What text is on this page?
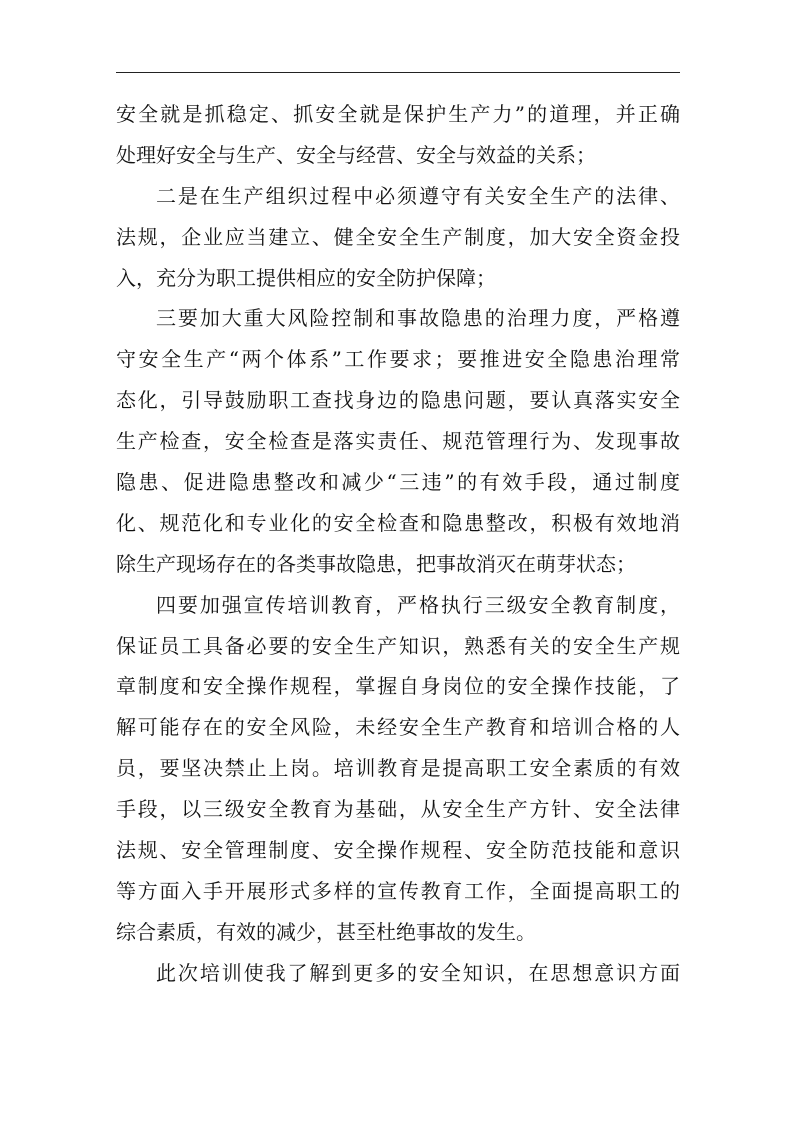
安全就是抓稳定、抓安全就是保护生产力”的道理，并正确
处理好安全与生产、安全与经营、安全与效益的关系；
二是在生产组织过程中必须遵守有关安全生产的法律、
法规，企业应当建立、健全安全生产制度，加大安全资金投
入，充分为职工提供相应的安全防护保障；
三要加大重大风险控制和事故隐患的治理力度，严格遵
守安全生产“两个体系”工作要求；要推进安全隐患治理常
态化，引导鼓励职工查找身边的隐患问题，要认真落实安全
生产检查，安全检查是落实责任、规范管理行为、发现事故
隐患、促进隐患整改和减少“三违”的有效手段，通过制度
化、规范化和专业化的安全检查和隐患整改，积极有效地消
除生产现场存在的各类事故隐患，把事故消灭在萌芽状态；
四要加强宣传培训教育，严格执行三级安全教育制度，
保证员工具备必要的安全生产知识，熟悉有关的安全生产规
章制度和安全操作规程，掌握自身岗位的安全操作技能，了
解可能存在的安全风险，未经安全生产教育和培训合格的人
员，要坚决禁止上岗。培训教育是提高职工安全素质的有效
手段，以三级安全教育为基础，从安全生产方针、安全法律
法规、安全管理制度、安全操作规程、安全防范技能和意识
等方面入手开展形式多样的宣传教育工作，全面提高职工的
综合素质，有效的减少，甚至杜绝事故的发生。
此次培训使我了解到更多的安全知识，在思想意识方面
